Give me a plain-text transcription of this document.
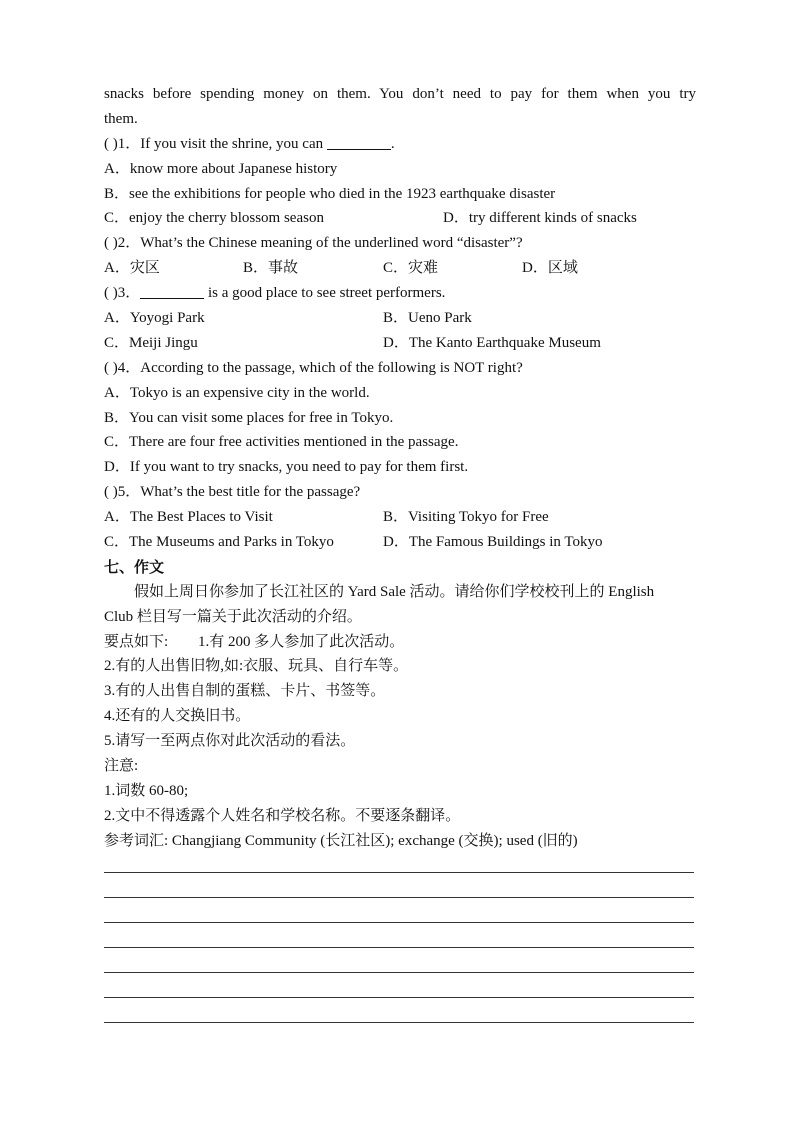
snacks before spending money on them. You don’t need to pay for them when you try
them.
( )1．If you visit the shrine, you can	.
A．know more about Japanese history
B．see the exhibitions for people who died in the 1923 earthquake disaster
C．enjoy the cherry blossom season	D．try different kinds of snacks
( )2．What’s the Chinese meaning of the underlined word “disaster”?
A．灾区	B．事故	C．灾难	D．区域
( )3．	is a good place to see street performers.
A．Yoyogi Park	B．Ueno Park
C．Meiji Jingu	D．The Kanto Earthquake Museum
( )4．According to the passage, which of the following is NOT right?
A．Tokyo is an expensive city in the world.
B．You can visit some places for free in Tokyo.
C．There are four free activities mentioned in the passage.
D．If you want to try snacks, you need to pay for them first.
( )5．What’s the best title for the passage?
A．The Best Places to Visit	B．Visiting Tokyo for Free
C．The Museums and Parks in Tokyo	D．The Famous Buildings in Tokyo
七、作文
假如上周日你参加了长江社区的 Yard Sale 活动。请给你们学校校刊上的 English
Club 栏目写一篇关于此次活动的介绍。
要点如下: 1.有 200 多人参加了此次活动。
2.有的人出售旧物,如:衣服、玩具、自行车等。
3.有的人出售自制的蛋糕、卡片、书签等。
4.还有的人交换旧书。
5.请写一至两点你对此次活动的看法。
注意:
1.词数 60-80;
2.文中不得透露个人姓名和学校名称。不要逐条翻译。
参考词汇: Changjiang Community (长江社区); exchange (交换); used (旧的)
